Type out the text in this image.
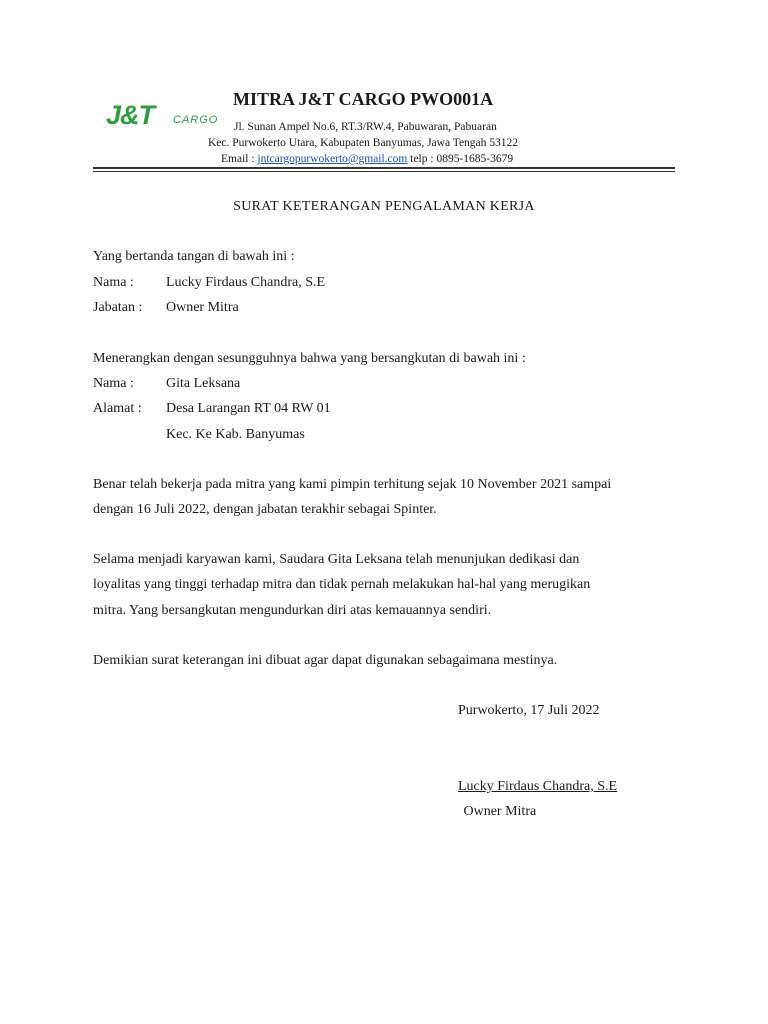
J&T CARGO
MITRA J&T CARGO PWO001A
Jl. Sunan Ampel No.6, RT.3/RW.4, Pabuwaran, Pabuaran
Kec. Purwokerto Utara, Kabupaten Banyumas, Jawa Tengah 53122
Email : jntcargopurwokerto@gmail.com telp : 0895-1685-3679
SURAT KETERANGAN PENGALAMAN KERJA
Yang bertanda tangan di bawah ini :
Nama : Lucky Firdaus Chandra, S.E
Jabatan : Owner Mitra
Menerangkan dengan sesungguhnya bahwa yang bersangkutan di bawah ini :
Nama : Gita Leksana
Alamat : Desa Larangan RT 04 RW 01
Kec. Ke Kab. Banyumas
Benar telah bekerja pada mitra yang kami pimpin terhitung sejak 10 November 2021 sampai
dengan 16 Juli 2022, dengan jabatan terakhir sebagai Spinter.
Selama menjadi karyawan kami, Saudara Gita Leksana telah menunjukan dedikasi dan
loyalitas yang tinggi terhadap mitra dan tidak pernah melakukan hal-hal yang merugikan
mitra. Yang bersangkutan mengundurkan diri atas kemauannya sendiri.
Demikian surat keterangan ini dibuat agar dapat digunakan sebagaimana mestinya.
Purwokerto, 17 Juli 2022
Lucky Firdaus Chandra, S.E
Owner Mitra
